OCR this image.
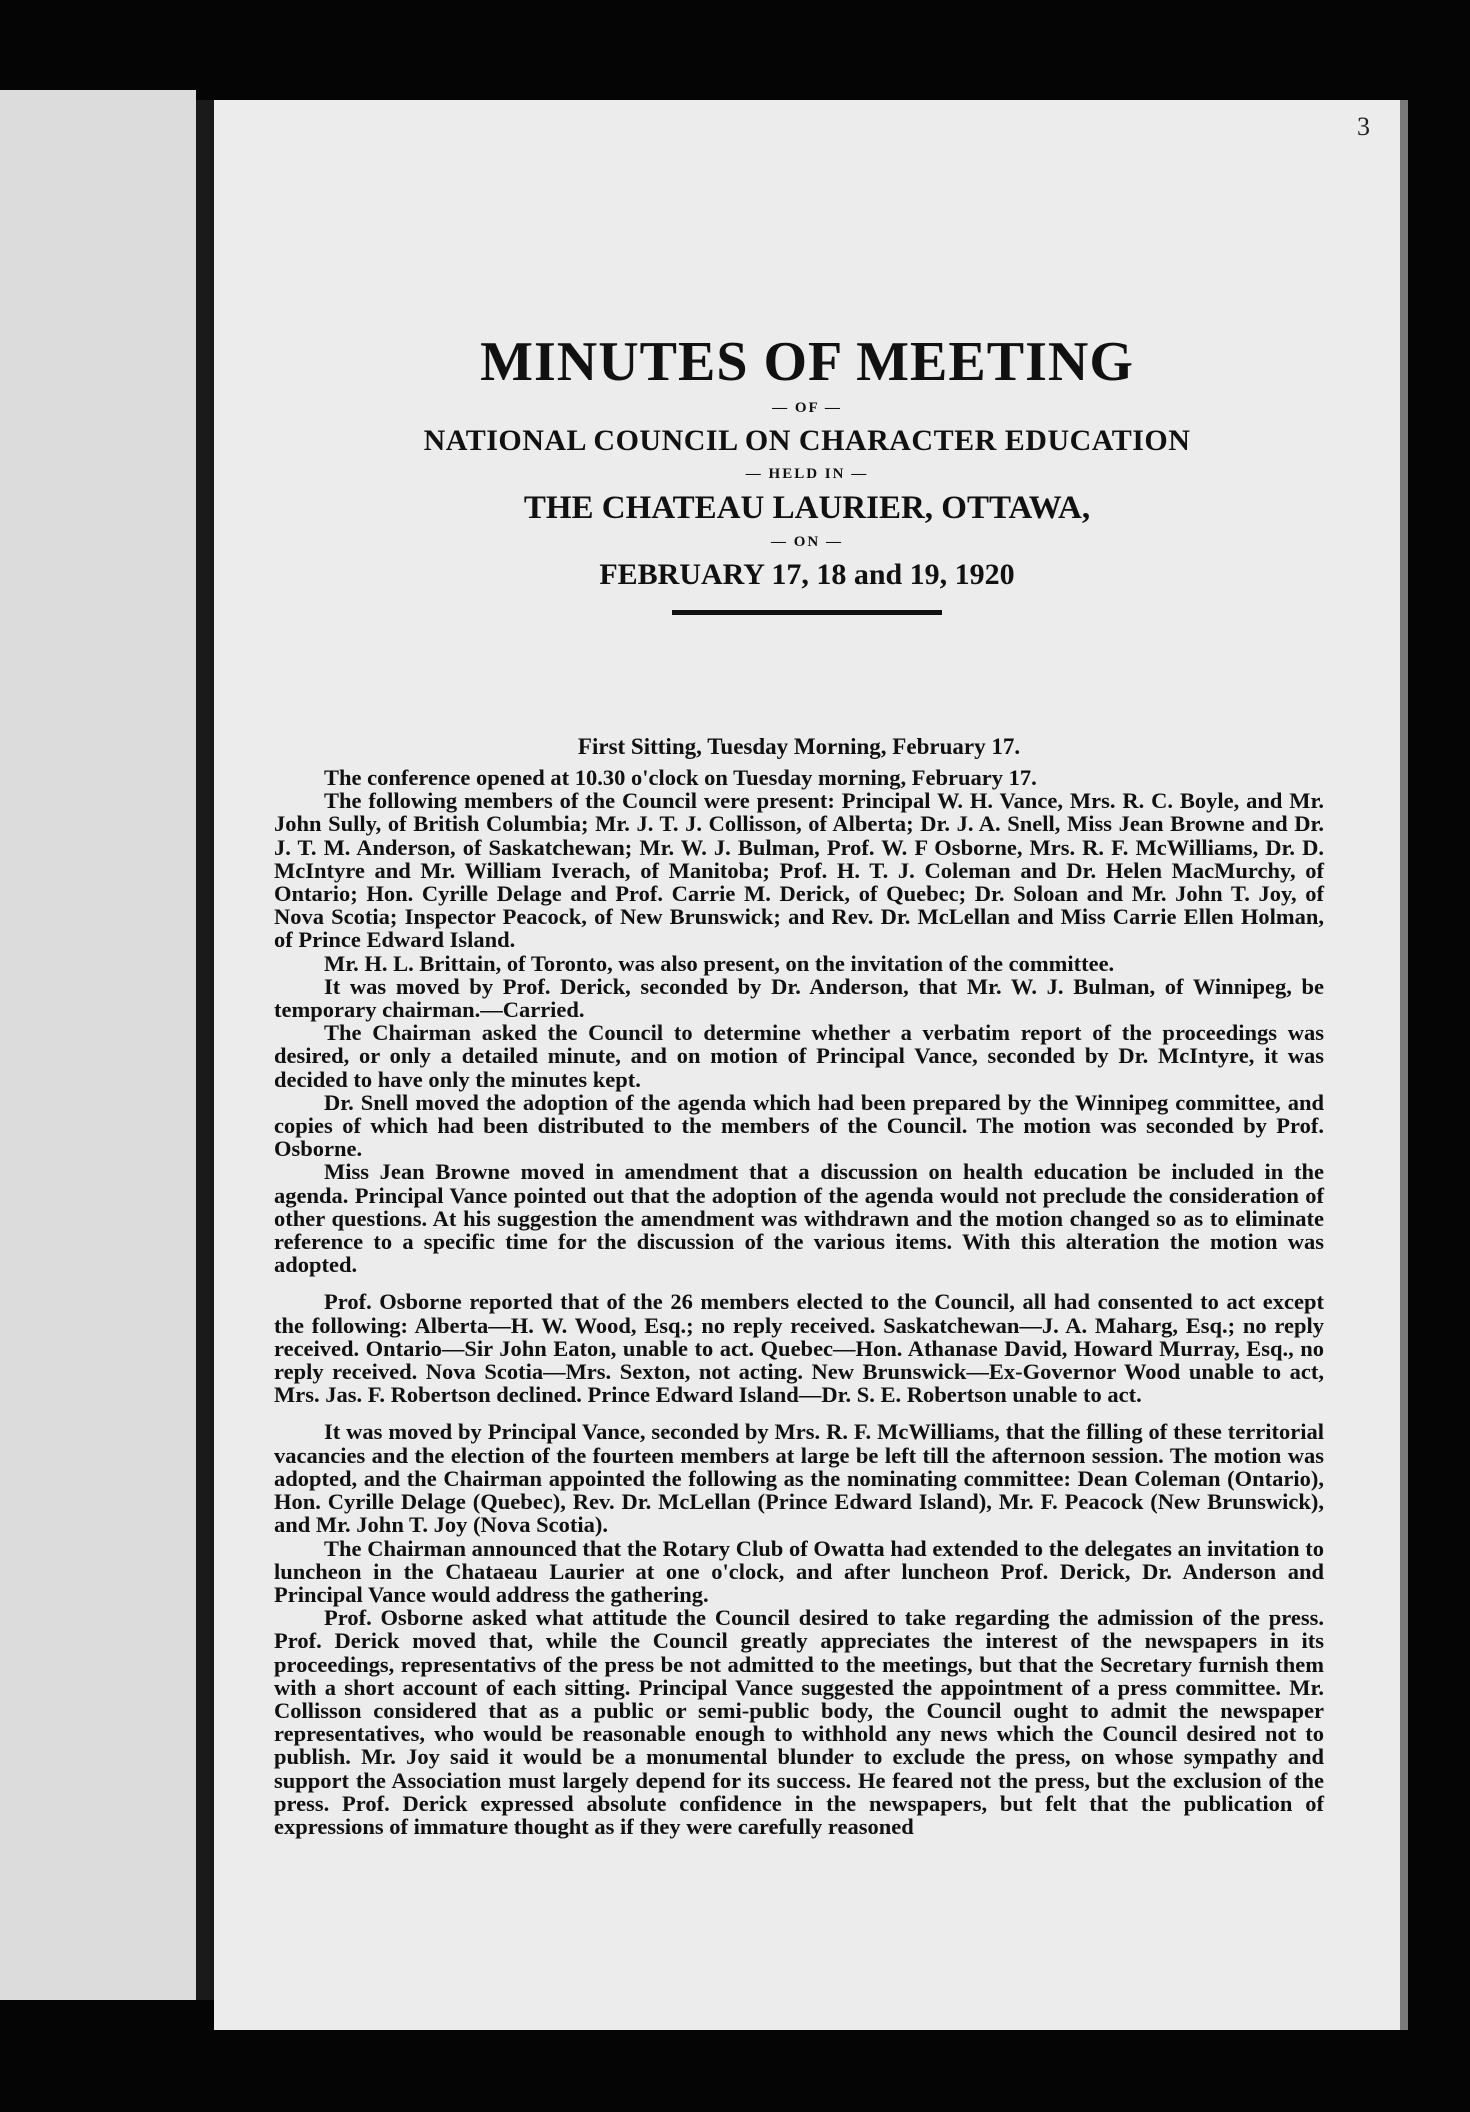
3
MINUTES OF MEETING
— OF —
NATIONAL COUNCIL ON CHARACTER EDUCATION
— HELD IN —
THE CHATEAU LAURIER, OTTAWA,
— ON —
FEBRUARY 17, 18 and 19, 1920
First Sitting, Tuesday Morning, February 17.

The conference opened at 10.30 o'clock on Tuesday morning, February 17.

The following members of the Council were present: Principal W. H. Vance, Mrs. R. C. Boyle, and Mr. John Sully, of British Columbia; Mr. J. T. J. Collisson, of Alberta; Dr. J. A. Snell, Miss Jean Browne and Dr. J. T. M. Anderson, of Saskatchewan; Mr. W. J. Bulman, Prof. W. F Osborne, Mrs. R. F. McWilliams, Dr. D. McIntyre and Mr. William Iverach, of Manitoba; Prof. H. T. J. Coleman and Dr. Helen MacMurchy, of Ontario; Hon. Cyrille Delage and Prof. Carrie M. Derick, of Quebec; Dr. Soloan and Mr. John T. Joy, of Nova Scotia; Inspector Peacock, of New Brunswick; and Rev. Dr. McLellan and Miss Carrie Ellen Holman, of Prince Edward Island.

Mr. H. L. Brittain, of Toronto, was also present, on the invitation of the committee.

It was moved by Prof. Derick, seconded by Dr. Anderson, that Mr. W. J. Bulman, of Winnipeg, be temporary chairman.—Carried.

The Chairman asked the Council to determine whether a verbatim report of the proceedings was desired, or only a detailed minute, and on motion of Principal Vance, seconded by Dr. McIntyre, it was decided to have only the minutes kept.

Dr. Snell moved the adoption of the agenda which had been prepared by the Winnipeg committee, and copies of which had been distributed to the members of the Council. The motion was seconded by Prof. Osborne.

Miss Jean Browne moved in amendment that a discussion on health education be included in the agenda. Principal Vance pointed out that the adoption of the agenda would not preclude the consideration of other questions. At his suggestion the amendment was withdrawn and the motion changed so as to eliminate reference to a specific time for the discussion of the various items. With this alteration the motion was adopted.

Prof. Osborne reported that of the 26 members elected to the Council, all had consented to act except the following: Alberta—H. W. Wood, Esq.; no reply received. Saskatchewan—J. A. Maharg, Esq.; no reply received. Ontario—Sir John Eaton, unable to act. Quebec—Hon. Athanase David, Howard Murray, Esq., no reply received. Nova Scotia—Mrs. Sexton, not acting. New Brunswick—Ex-Governor Wood unable to act, Mrs. Jas. F. Robertson declined. Prince Edward Island—Dr. S. E. Robertson unable to act.

It was moved by Principal Vance, seconded by Mrs. R. F. McWilliams, that the filling of these territorial vacancies and the election of the fourteen members at large be left till the afternoon session. The motion was adopted, and the Chairman appointed the following as the nominating committee: Dean Coleman (Ontario), Hon. Cyrille Delage (Quebec), Rev. Dr. McLellan (Prince Edward Island), Mr. F. Peacock (New Brunswick), and Mr. John T. Joy (Nova Scotia).

The Chairman announced that the Rotary Club of Owatta had extended to the delegates an invitation to luncheon in the Chataeau Laurier at one o'clock, and after luncheon Prof. Derick, Dr. Anderson and Principal Vance would address the gathering.

Prof. Osborne asked what attitude the Council desired to take regarding the admission of the press. Prof. Derick moved that, while the Council greatly appreciates the interest of the newspapers in its proceedings, representativs of the press be not admitted to the meetings, but that the Secretary furnish them with a short account of each sitting. Principal Vance suggested the appointment of a press committee. Mr. Collisson considered that as a public or semi-public body, the Council ought to admit the newspaper representatives, who would be reasonable enough to withhold any news which the Council desired not to publish. Mr. Joy said it would be a monumental blunder to exclude the press, on whose sympathy and support the Association must largely depend for its success. He feared not the press, but the exclusion of the press. Prof. Derick expressed absolute confidence in the newspapers, but felt that the publication of expressions of immature thought as if they were carefully reasoned
